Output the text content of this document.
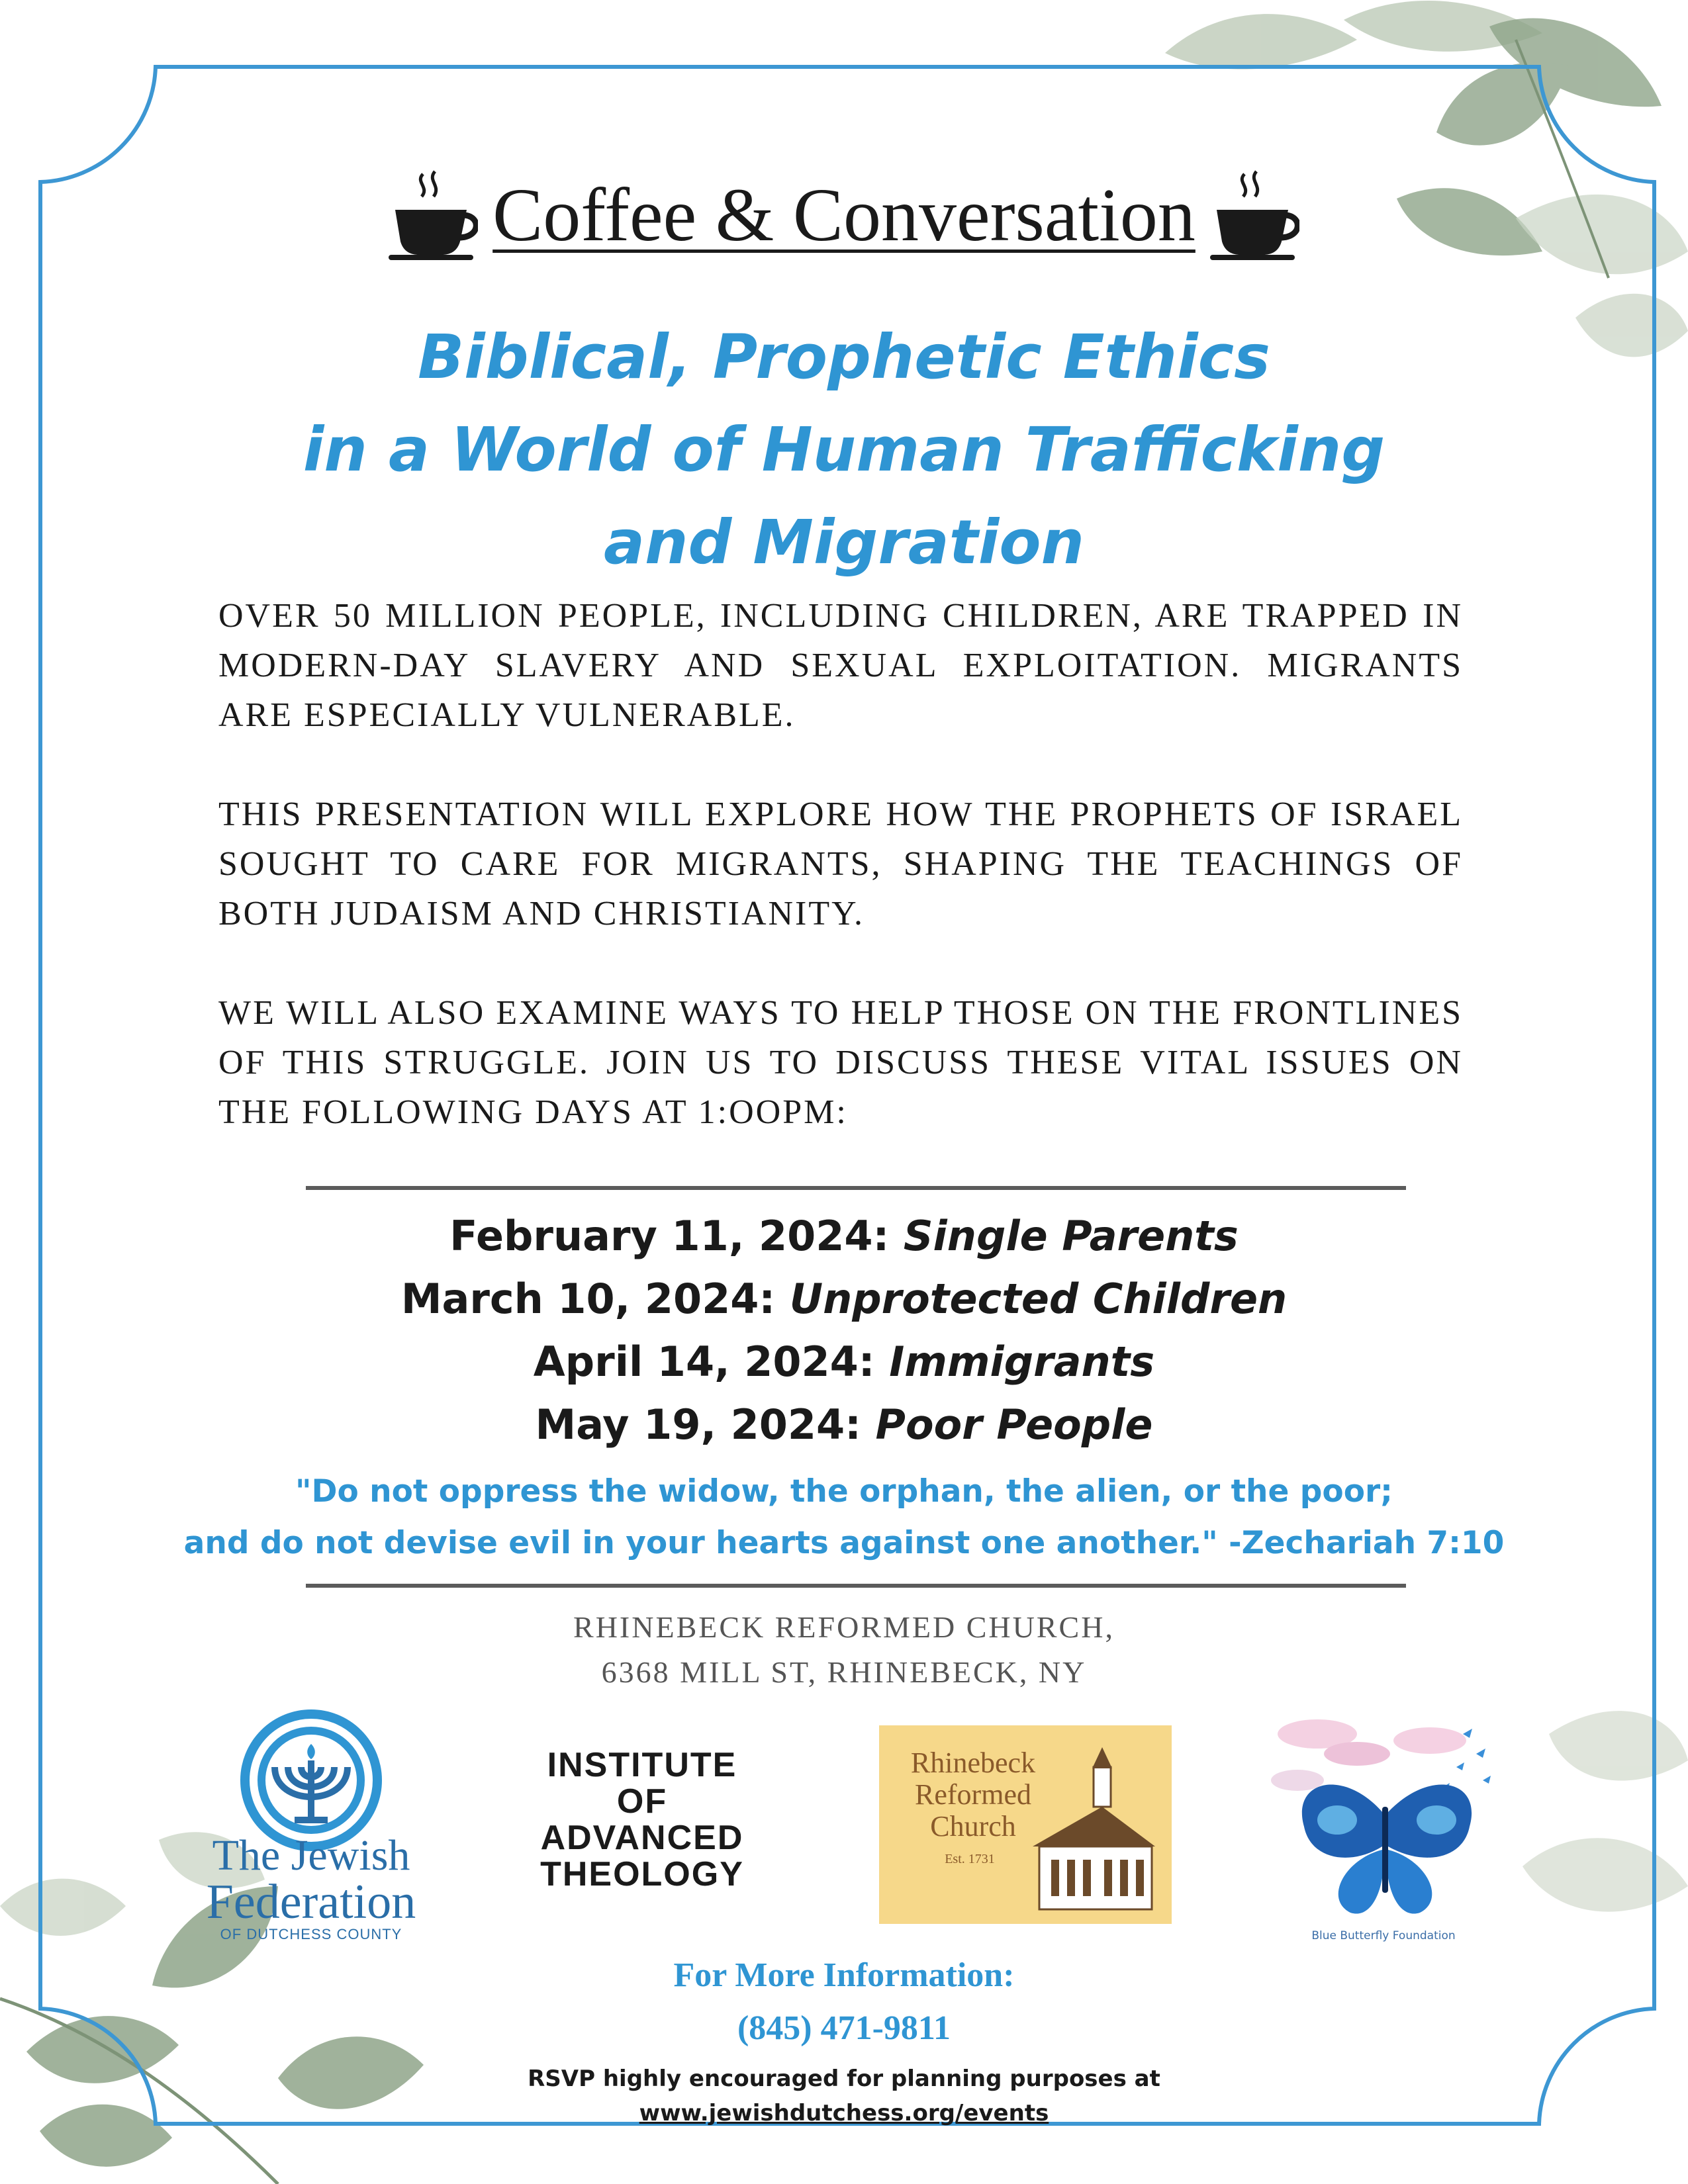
Coffee & Conversation
Biblical, Prophetic Ethics
in a World of Human Trafficking
and Migration
OVER 50 MILLION PEOPLE, INCLUDING CHILDREN, ARE TRAPPED IN MODERN-DAY SLAVERY AND SEXUAL EXPLOITATION. MIGRANTS ARE ESPECIALLY VULNERABLE.
THIS PRESENTATION WILL EXPLORE HOW THE PROPHETS OF ISRAEL SOUGHT TO CARE FOR MIGRANTS, SHAPING THE TEACHINGS OF BOTH JUDAISM AND CHRISTIANITY.
WE WILL ALSO EXAMINE WAYS TO HELP THOSE ON THE FRONTLINES OF THIS STRUGGLE. JOIN US TO DISCUSS THESE VITAL ISSUES ON THE FOLLOWING DAYS AT 1:OOPM:
February 11, 2024: Single Parents
March 10, 2024: Unprotected Children
April 14, 2024: Immigrants
May 19, 2024: Poor People
"Do not oppress the widow, the orphan, the alien, or the poor;
and do not devise evil in your hearts against one another." -Zechariah 7:10
RHINEBECK REFORMED CHURCH,
6368 MILL ST, RHINEBECK, NY
The Jewish
Federation
OF DUTCHESS COUNTY
INSTITUTE
OF
ADVANCED
THEOLOGY
Rhinebeck
Reformed
Church
Est. 1731
Blue Butterfly Foundation
For More Information:
(845) 471-9811
RSVP highly encouraged for planning purposes at
www.jewishdutchess.org/events
